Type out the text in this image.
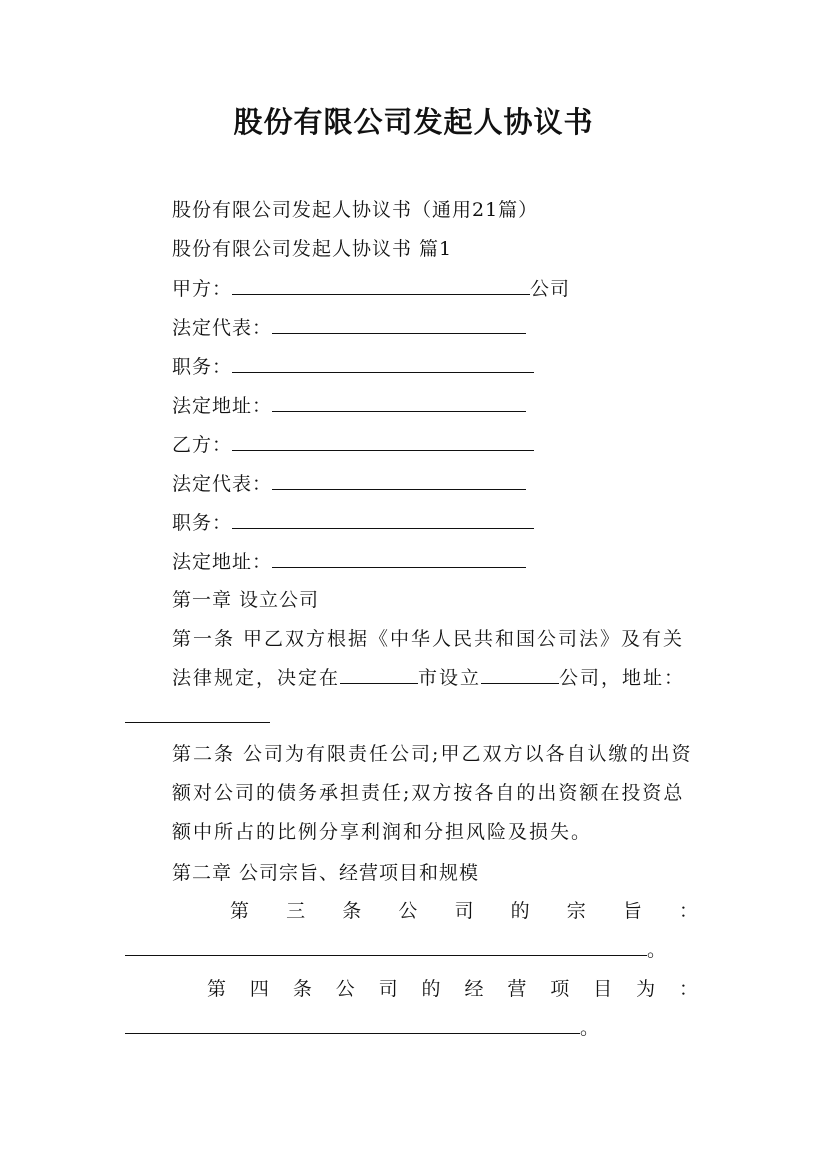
股份有限公司发起人协议书
股份有限公司发起人协议书（通用21篇）
股份有限公司发起人协议书 篇1
甲方：	公司
法定代表：
职务：
法定地址：
乙方：
法定代表：
职务：
法定地址：
第一章 设立公司
第一条 甲乙双方根据《中华人民共和国公司法》及有关法律规定，决定在	市设立	公司，地址：
第二条 公司为有限责任公司;甲乙双方以各自认缴的出资额对公司的债务承担责任;双方按各自的出资额在投资总额中所占的比例分享利润和分担风险及损失。
第二章 公司宗旨、经营项目和规模
第 三 条 公 司 的 宗 旨 ：
。
第 四 条 公 司 的 经 营 项 目 为 ：
。
